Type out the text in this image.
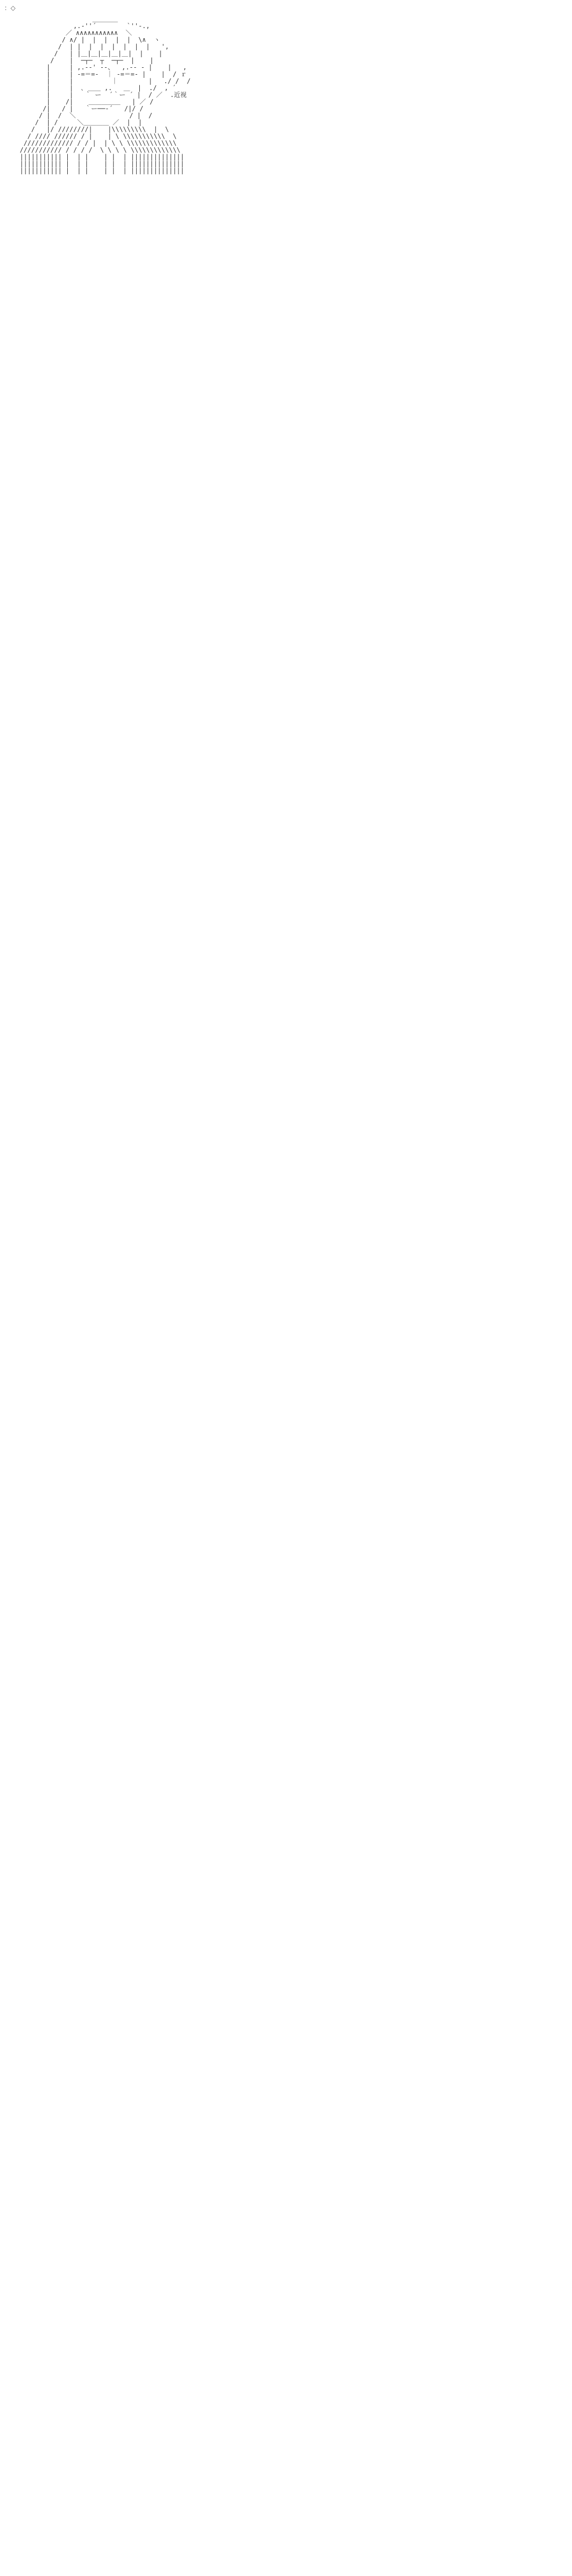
：◇
＿＿＿＿
,.-''´        `''-.,
／ ∧∧∧∧∧∧∧∧∧∧∧  ＼
/ ∧/ |  |  |  |  |  \∧  ヽ
/  | |  |  |  |  |  |  |   ',
/   | |＿|＿|＿|＿|＿|  |    |
/    |  ─┬─  ┬  ─┬─  |    |
|     | ,.-‐' ‐-、  ,.-‐ ‐ |    |   ,
|     | ‐=＝=-  ｜ -=＝=‐ |    |  / ｒ
|     |          ｜        |   ./ /  /
|     |  ､ ＿＿ ,.   ＿  |  ./  , ´
|     |   ｀ ー  ´｀ー ´ |  / ／  .近视
|    /|    ＿＿＿＿＿   | ／ /
/|   / |   ｀ー──‐´   /|/ /
/ |  /  ＼              / |  /
/  | /     ＼＿＿＿＿ ／  |  |
/   |/ ////////|    |\\\\\\\\\  |  \
/ //// ////// / |    | \ \\\\\\\\\\\  \
///////////// / / |  | \ \ \\\\\\\\\\\\\
/////////// / / / /  \ \ \ \ \\\\\\\\\\\\\
||||||||||| |  | |    | |  | ||||||||||||||
||||||||||| |  | |    | |  | ||||||||||||||
||||||||||| |  | |    | |  | ||||||||||||||
